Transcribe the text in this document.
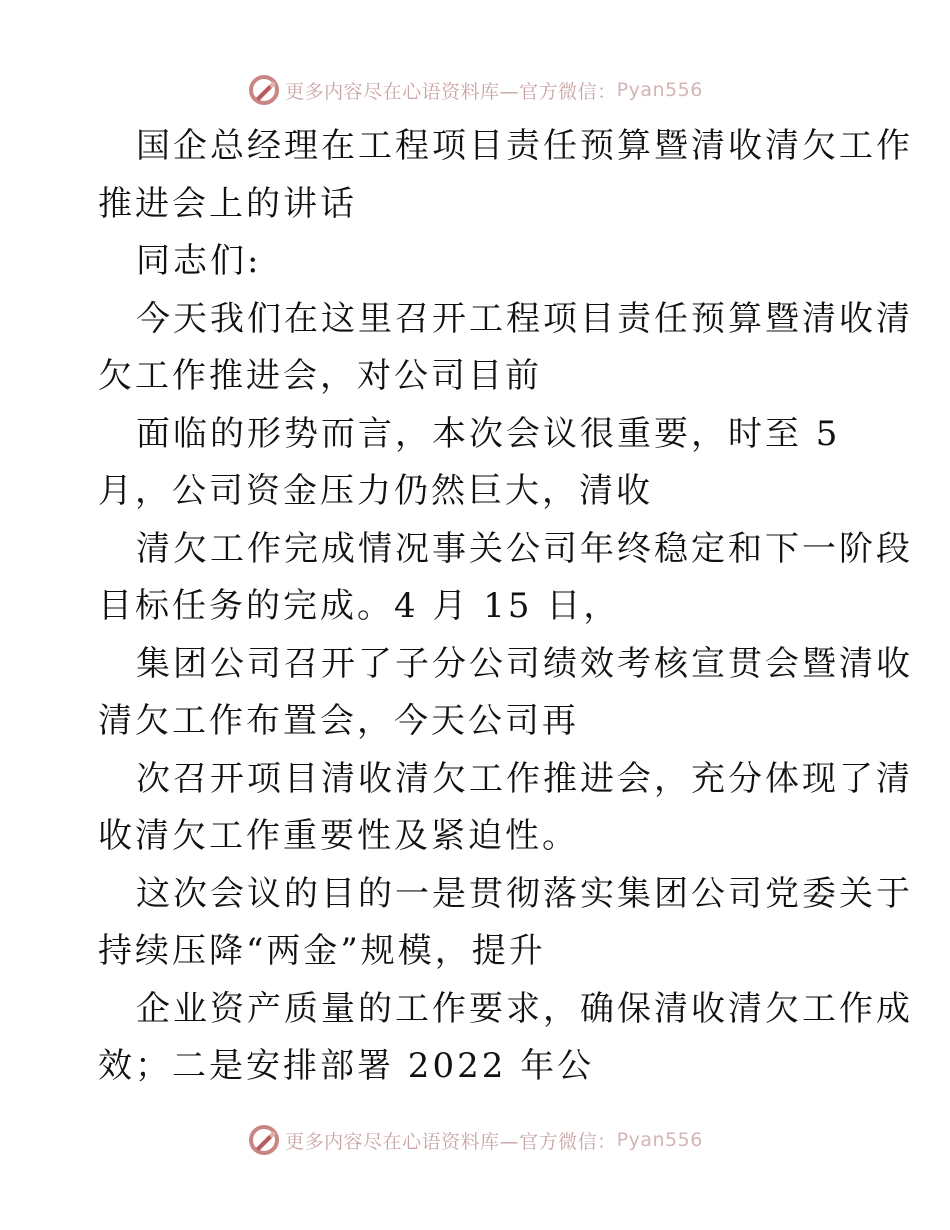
更多内容尽在心语资料库—官方微信： Pyan556
国企总经理在工程项目责任预算暨清收清欠工作
推进会上的讲话
同志们:
今天我们在这里召开工程项目责任预算暨清收清
欠工作推进会，对公司目前
面临的形势而言，本次会议很重要，时至 5
月，公司资金压力仍然巨大，清收
清欠工作完成情况事关公司年终稳定和下一阶段
目标任务的完成。4 月 15 日，
集团公司召开了子分公司绩效考核宣贯会暨清收
清欠工作布置会，今天公司再
次召开项目清收清欠工作推进会，充分体现了清
收清欠工作重要性及紧迫性。
这次会议的目的一是贯彻落实集团公司党委关于
持续压降“两金”规模，提升
企业资产质量的工作要求，确保清收清欠工作成
效；二是安排部署 2022 年公
更多内容尽在心语资料库—官方微信： Pyan556
